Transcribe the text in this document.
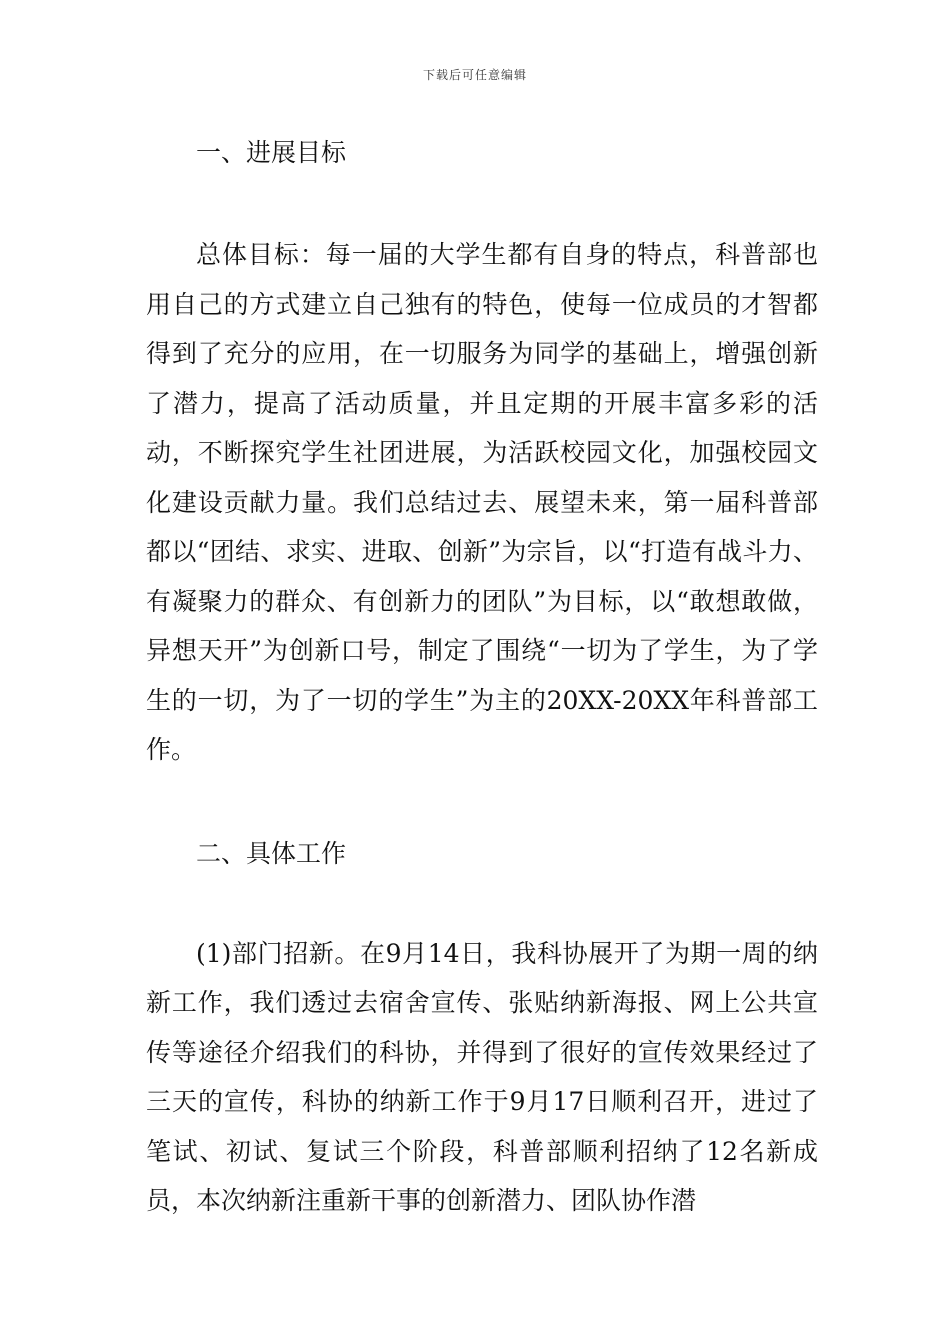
下载后可任意编辑
一、进展目标

总体目标：每一届的大学生都有自身的特点，科普部也用自己的方式建立自己独有的特色，使每一位成员的才智都得到了充分的应用，在一切服务为同学的基础上，增强创新了潜力，提高了活动质量，并且定期的开展丰富多彩的活动，不断探究学生社团进展，为活跃校园文化，加强校园文化建设贡献力量。我们总结过去、展望未来，第一届科普部都以“团结、求实、进取、创新”为宗旨，以“打造有战斗力、有凝聚力的群众、有创新力的团队”为目标，以“敢想敢做，异想天开”为创新口号，制定了围绕“一切为了学生，为了学生的一切，为了一切的学生”为主的20XX-20XX年科普部工作。

二、具体工作

(1)部门招新。在9月14日，我科协展开了为期一周的纳新工作，我们透过去宿舍宣传、张贴纳新海报、网上公共宣传等途径介绍我们的科协，并得到了很好的宣传效果经过了三天的宣传，科协的纳新工作于9月17日顺利召开，进过了笔试、初试、复试三个阶段，科普部顺利招纳了12名新成员，本次纳新注重新干事的创新潜力、团队协作潜
